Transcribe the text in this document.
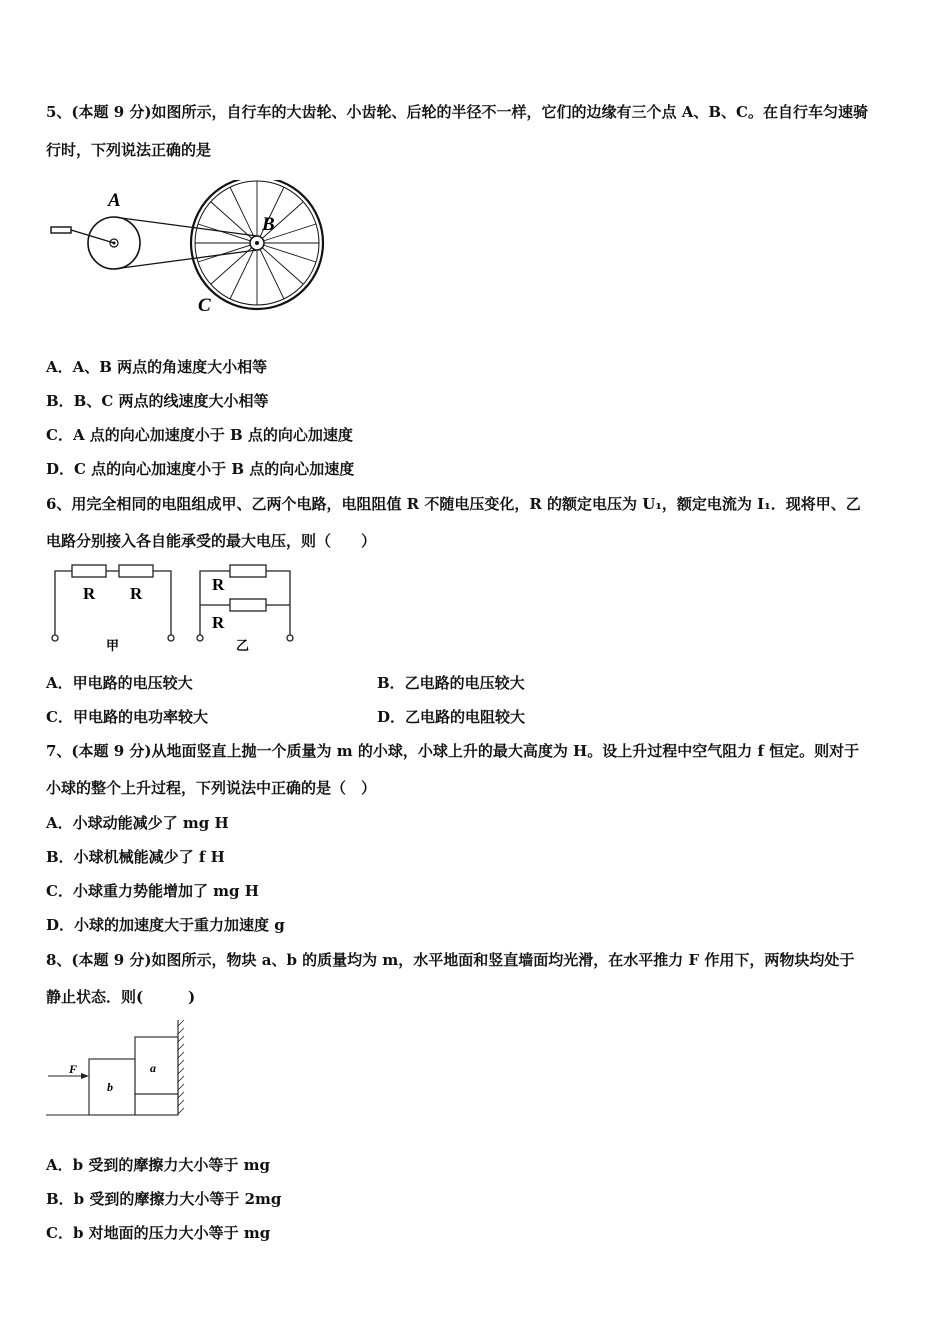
5、(本题 9 分)如图所示，自行车的大齿轮、小齿轮、后轮的半径不一样，它们的边缘有三个点 A、B、C。在自行车匀速骑
行时，下列说法正确的是
A
B
C
A．A、B 两点的角速度大小相等
B．B、C 两点的线速度大小相等
C．A 点的向心加速度小于 B 点的向心加速度
D．C 点的向心加速度小于 B 点的向心加速度
6、用完全相同的电阻组成甲、乙两个电路，电阻阻值 R 不随电压变化，R 的额定电压为 U₁，额定电流为 I₁．现将甲、乙
电路分别接入各自能承受的最大电压，则（　　）
R R	R
R
甲	乙
A．甲电路的电压较大	B．乙电路的电压较大
C．甲电路的电功率较大	D．乙电路的电阻较大
7、(本题 9 分)从地面竖直上抛一个质量为 m 的小球，小球上升的最大高度为 H。设上升过程中空气阻力 f 恒定。则对于
小球的整个上升过程，下列说法中正确的是（　）
A．小球动能减少了 mg H
B．小球机械能减少了 f H
C．小球重力势能增加了 mg H
D．小球的加速度大于重力加速度 g
8、(本题 9 分)如图所示，物块 a、b 的质量均为 m，水平地面和竖直墙面均光滑，在水平推力 F 作用下，两物块均处于
静止状态．则(　　　)
F	a
b
A．b 受到的摩擦力大小等于 mg
B．b 受到的摩擦力大小等于 2mg
C．b 对地面的压力大小等于 mg
